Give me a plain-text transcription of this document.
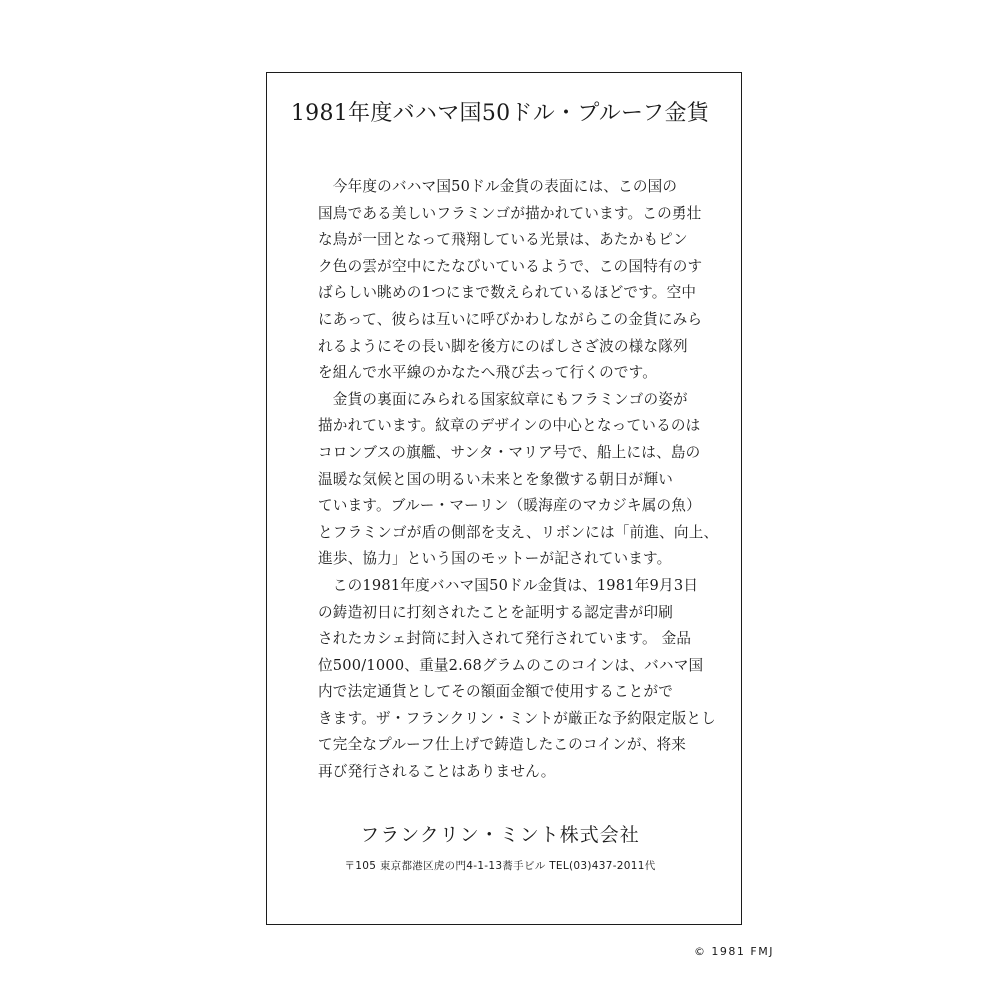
1981年度バハマ国50ドル・プルーフ金貨
　今年度のバハマ国50ドル金貨の表面には、この国の
国鳥である美しいフラミンゴが描かれています。この勇壮
な鳥が一団となって飛翔している光景は、あたかもピン
ク色の雲が空中にたなびいているようで、この国特有のす
ばらしい眺めの1つにまで数えられているほどです。空中
にあって、彼らは互いに呼びかわしながらこの金貨にみら
れるようにその長い脚を後方にのばしさざ波の様な隊列
を組んで水平線のかなたへ飛び去って行くのです。
　金貨の裏面にみられる国家紋章にもフラミンゴの姿が
描かれています。紋章のデザインの中心となっているのは
コロンブスの旗艦、サンタ・マリア号で、船上には、島の
温暖な気候と国の明るい未来とを象徴する朝日が輝い
ています。ブルー・マーリン（暖海産のマカジキ属の魚）
とフラミンゴが盾の側部を支え、リボンには「前進、向上、
進歩、協力」という国のモットーが記されています。
　この1981年度バハマ国50ドル金貨は、1981年9月3日
の鋳造初日に打刻されたことを証明する認定書が印刷
されたカシェ封筒に封入されて発行されています。 金品
位500/1000、重量2.68グラムのこのコインは、バハマ国
内で法定通貨としてその額面金額で使用することがで
きます。ザ・フランクリン・ミントが厳正な予約限定版とし
て完全なプルーフ仕上げで鋳造したこのコインが、将来
再び発行されることはありません。
フランクリン・ミント株式会社
〒105 東京都港区虎の門4-1-13蕎手ビル TEL(03)437-2011代
© 1981 FMJ
